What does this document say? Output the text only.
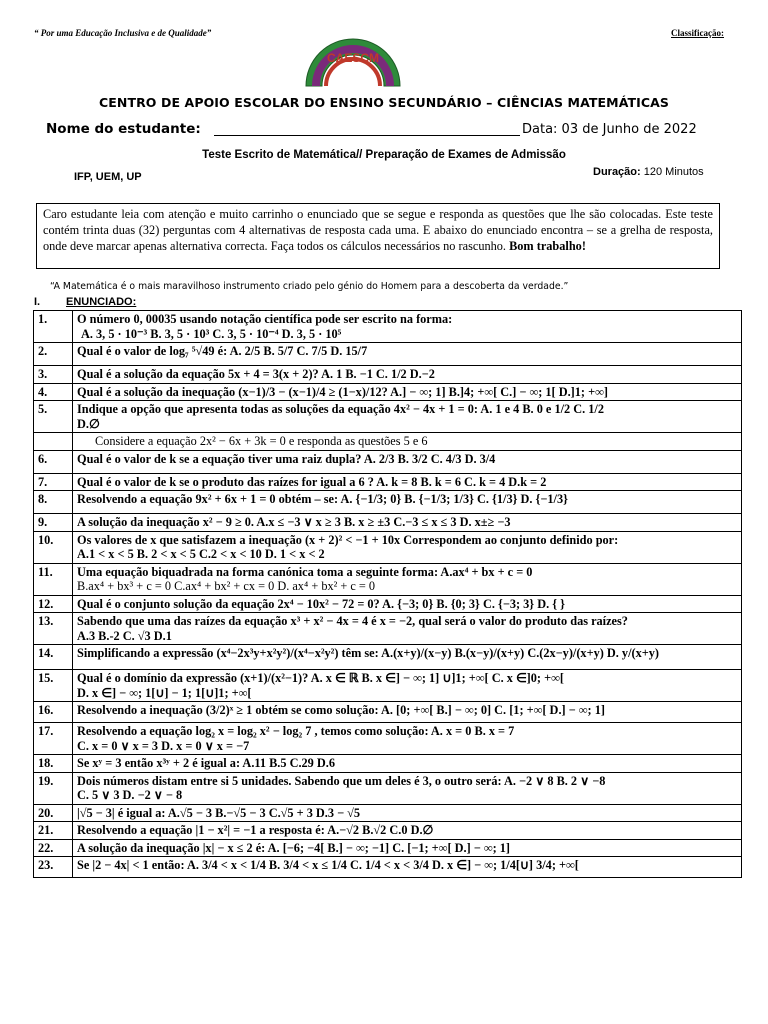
“ Por uma Educação Inclusiva e de Qualidade”	Classificação:
CAESCM
CENTRO DE APOIO ESCOLAR DO ENSINO SECUNDÁRIO – CIÊNCIAS MATEMÁTICAS
Nome do estudante:	Data: 03 de Junho de 2022
Teste Escrito de Matemática// Preparação de Exames de Admissão
IFP, UEM, UP	Duração: 120 Minutos
Caro estudante leia com atenção e muito carrinho o enunciado que se segue e responda as questões que lhe são colocadas. Este teste contém trinta duas (32) perguntas com 4 alternativas de resposta cada uma. E abaixo do enunciado encontra – se a grelha de resposta, onde deve marcar apenas alternativa correcta. Faça todos os cálculos necessários no rascunho. Bom trabalho!
“A Matemática é o mais maravilhoso instrumento criado pelo génio do Homem para a descoberta da verdade.”
I. ENUNCIADO:
1.	O número 0, 00035 usando notação científica pode ser escrito na forma:
A. 3, 5 · 10⁻³ B. 3, 5 · 10³ C. 3, 5 · 10⁻⁴ D. 3, 5 · 10⁵

2.	Qual é o valor de log₇ ⁵√49 é: A. 2/5 B. 5/7 C. 7/5 D. 15/7
3.	Qual é a solução da equação 5x + 4 = 3(x + 2)? A. 1 B. −1 C. 1/2 D.−2
4.	Qual é a solução da inequação (x−1)/3 − (x−1)/4 ≥ (1−x)/12? A.] − ∞; 1] B.]4; +∞[ C.] − ∞; 1[ D.]1; +∞]
5.	Indique a opção que apresenta todas as soluções da equação 4x² − 4x + 1 = 0: A. 1 e 4 B. 0 e 1/2 C. 1/2
D.∅

	Considere a equação 2x² − 6x + 3k = 0 e responda as questões 5 e 6
6.	Qual é o valor de k se a equação tiver uma raiz dupla? A. 2/3 B. 3/2 C. 4/3 D. 3/4
7.	Qual é o valor de k se o produto das raízes for igual a 6 ? A. k = 8 B. k = 6 C. k = 4 D.k = 2
8.	Resolvendo a equação 9x² + 6x + 1 = 0 obtém – se: A. {−1/3; 0} B. {−1/3; 1/3} C. {1/3} D. {−1/3}
9.	A solução da inequação x² − 9 ≥ 0. A.x ≤ −3 ∨ x ≥ 3 B. x ≥ ±3 C.−3 ≤ x ≤ 3 D. x±≥ −3
10.	Os valores de x que satisfazem a inequação (x + 2)² < −1 + 10x Correspondem ao conjunto definido por:
A.1 < x < 5 B. 2 < x < 5 C.2 < x < 10 D. 1 < x < 2

11.	Uma equação biquadrada na forma canónica toma a seguinte forma: A.ax⁴ + bx + c = 0
B.ax⁴ + bx³ + c = 0 C.ax⁴ + bx² + cx = 0 D. ax⁴ + bx² + c = 0

12.	Qual é o conjunto solução da equação 2x⁴ − 10x² − 72 = 0? A. {−3; 0} B. {0; 3} C. {−3; 3} D. { }
13.	Sabendo que uma das raízes da equação x³ + x² − 4x = 4 é x = −2, qual será o valor do produto das raízes?
A.3 B.-2 C. √3 D.1

14.	Simplificando a expressão (x⁴−2x³y+x²y²)/(x⁴−x²y²) têm se: A.(x+y)/(x−y) B.(x−y)/(x+y) C.(2x−y)/(x+y) D. y/(x+y)
15.	Qual é o domínio da expressão (x+1)/(x²−1)? A. x ∈ ℝ B. x ∈] − ∞; 1] ∪]1; +∞[ C. x ∈]0; +∞[
D. x ∈] − ∞; 1[∪] − 1; 1[∪]1; +∞[

16.	Resolvendo a inequação (3/2)ˣ ≥ 1 obtém se como solução: A. [0; +∞[ B.] − ∞; 0] C. [1; +∞[ D.] − ∞; 1]
17.	Resolvendo a equação log₂ x = log₂ x² − log₂ 7 , temos como solução: A. x = 0 B. x = 7
C. x = 0 ∨ x = 3 D. x = 0 ∨ x = −7

18.	Se xʸ = 3 então x³ʸ + 2 é igual a: A.11 B.5 C.29 D.6
19.	Dois números distam entre si 5 unidades. Sabendo que um deles é 3, o outro será: A. −2 ∨ 8 B. 2 ∨ −8
C. 5 ∨ 3 D. −2 ∨ − 8

20.	|√5 − 3| é igual a: A.√5 − 3 B.−√5 − 3 C.√5 + 3 D.3 − √5
21.	Resolvendo a equação |1 − x²| = −1 a resposta é: A.−√2 B.√2 C.0 D.∅
22.	A solução da inequação |x| − x ≤ 2 é: A. [−6; −4[ B.] − ∞; −1] C. [−1; +∞[ D.] − ∞; 1]
23.	Se |2 − 4x| < 1 então: A. 3/4 < x < 1/4 B. 3/4 < x ≤ 1/4 C. 1/4 < x < 3/4 D. x ∈] − ∞; 1/4[∪] 3/4; +∞[
